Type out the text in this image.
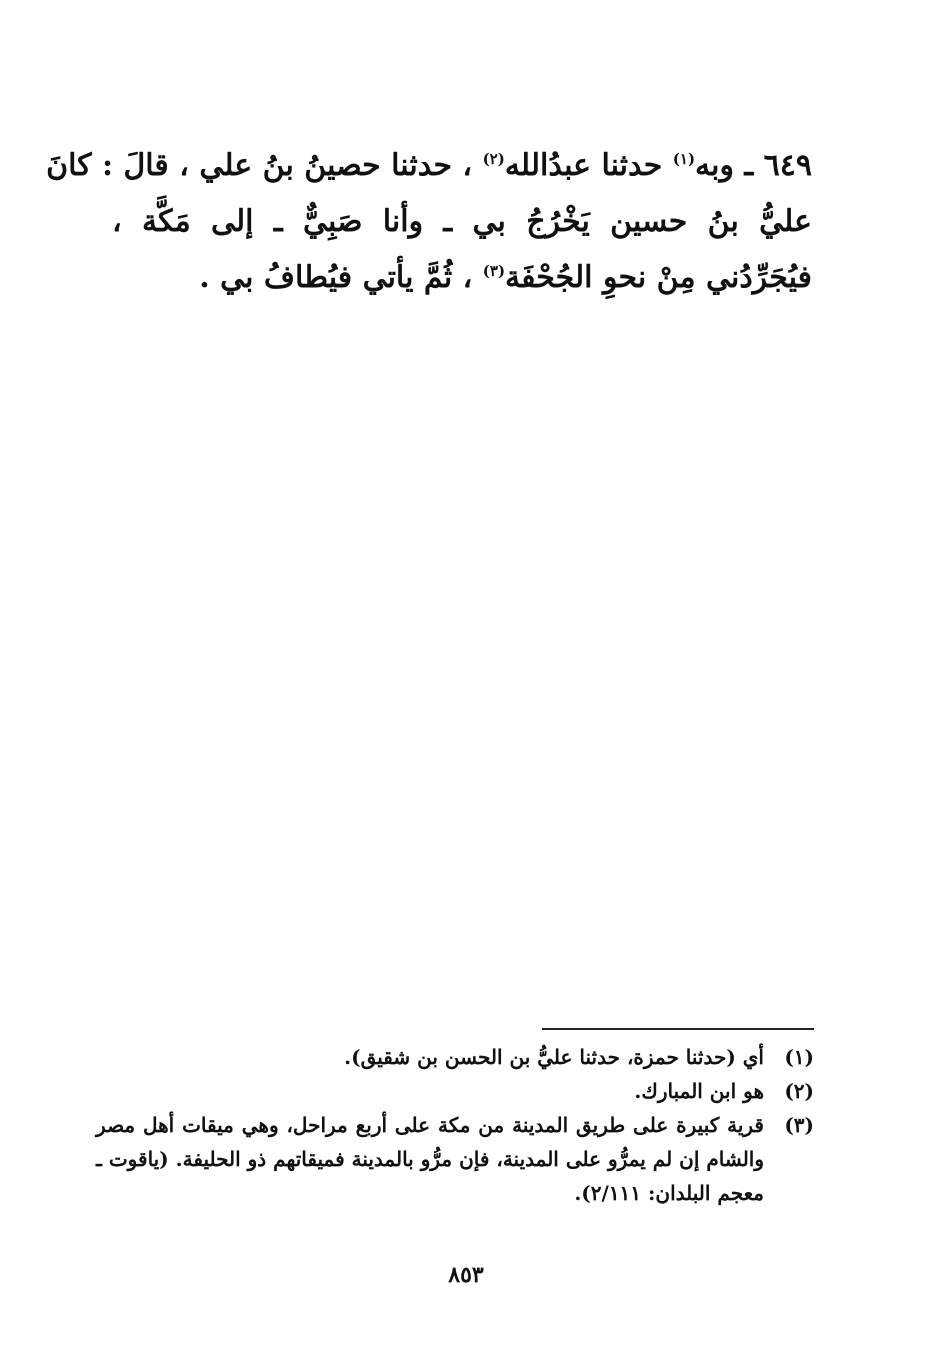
٦٤٩ ـ وبه$^{(١)}$ حدثنا عبدُالله$^{(٢)}$ ، حدثنا حصينُ بنُ علي ، قالَ : كانَ
عليُّ بنُ حسين يَخْرُجُ بي ـ وأنا صَبِيٌّ ـ إلى مَكَّة ،
فيُجَرِّدُني مِنْ نحوِ الجُحْفَة$^{(٣)}$ ، ثُمَّ يأتي فيُطافُ بي .
(١)
أي (حدثنا حمزة، حدثنا عليُّ بن الحسن بن شقيق).
(٢)
هو ابن المبارك.
(٣)
قرية كبيرة على طريق المدينة من مكة على أربع مراحل، وهي ميقات أهل مصر
والشام إن لم يمرُّو على المدينة، فإن مرُّو بالمدينة فميقاتهم ذو الحليفة. (ياقوت ـ
معجم البلدان: ٢/١١١).
٨٥٣
